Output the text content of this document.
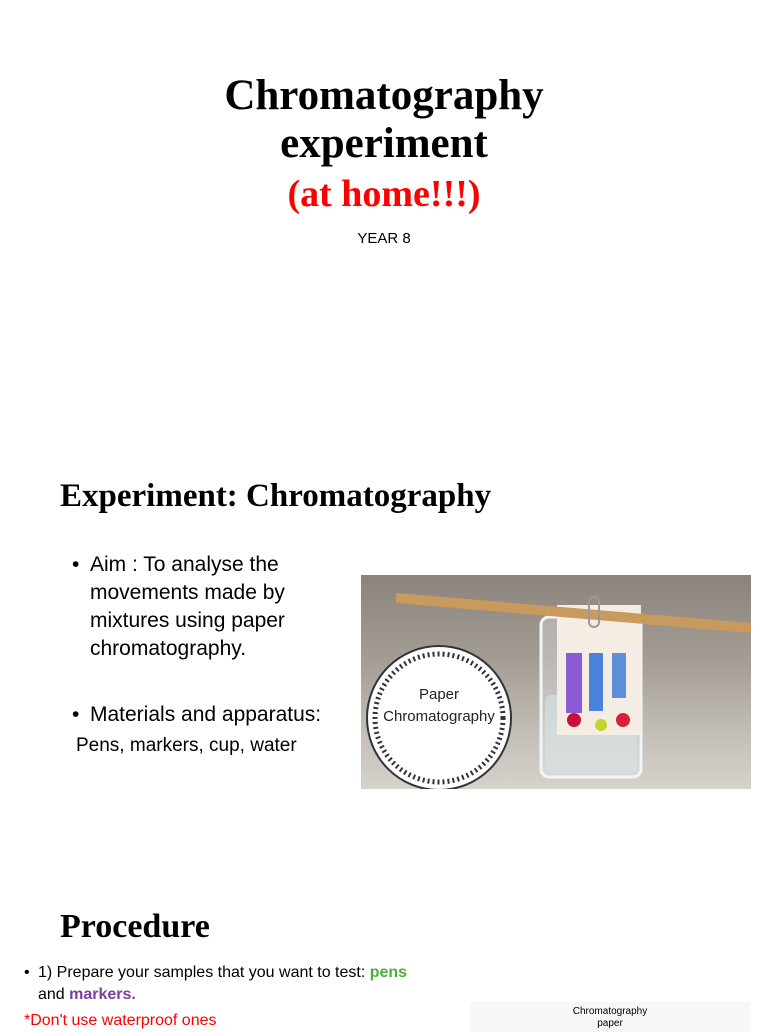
Chromatography
experiment
(at home!!!)
YEAR 8
Experiment: Chromatography
• Aim : To analyse the movements made by mixtures using paper chromatography.
• Materials and apparatus:
Pens, markers, cup, water
Paper
Chromatography
Procedure
• 1) Prepare your samples that you want to test: pens
and markers.
*Don't use waterproof ones
Chromatography
paper
